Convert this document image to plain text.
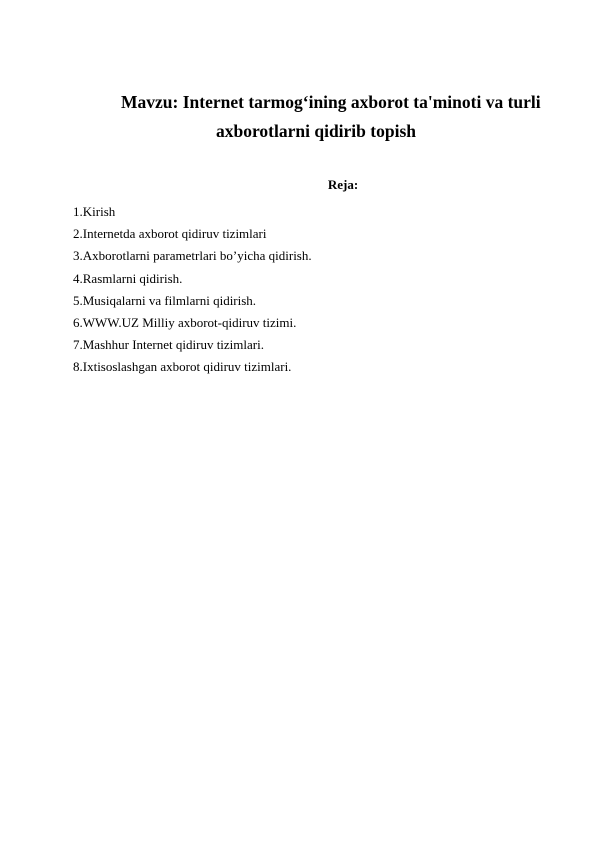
Mavzu: Internet tarmog‘ining axborot ta'minoti va turli
axborotlarni qidirib topish
Reja:
1.Kirish
2.Internetda axborot qidiruv tizimlari
3.Axborotlarni parametrlari bo’yicha qidirish.
4.Rasmlarni qidirish.
5.Musiqalarni va filmlarni qidirish.
6.WWW.UZ Milliy axborot-qidiruv tizimi.
7.Mashhur Internet qidiruv tizimlari.
8.Ixtisoslashgan axborot qidiruv tizimlari.
